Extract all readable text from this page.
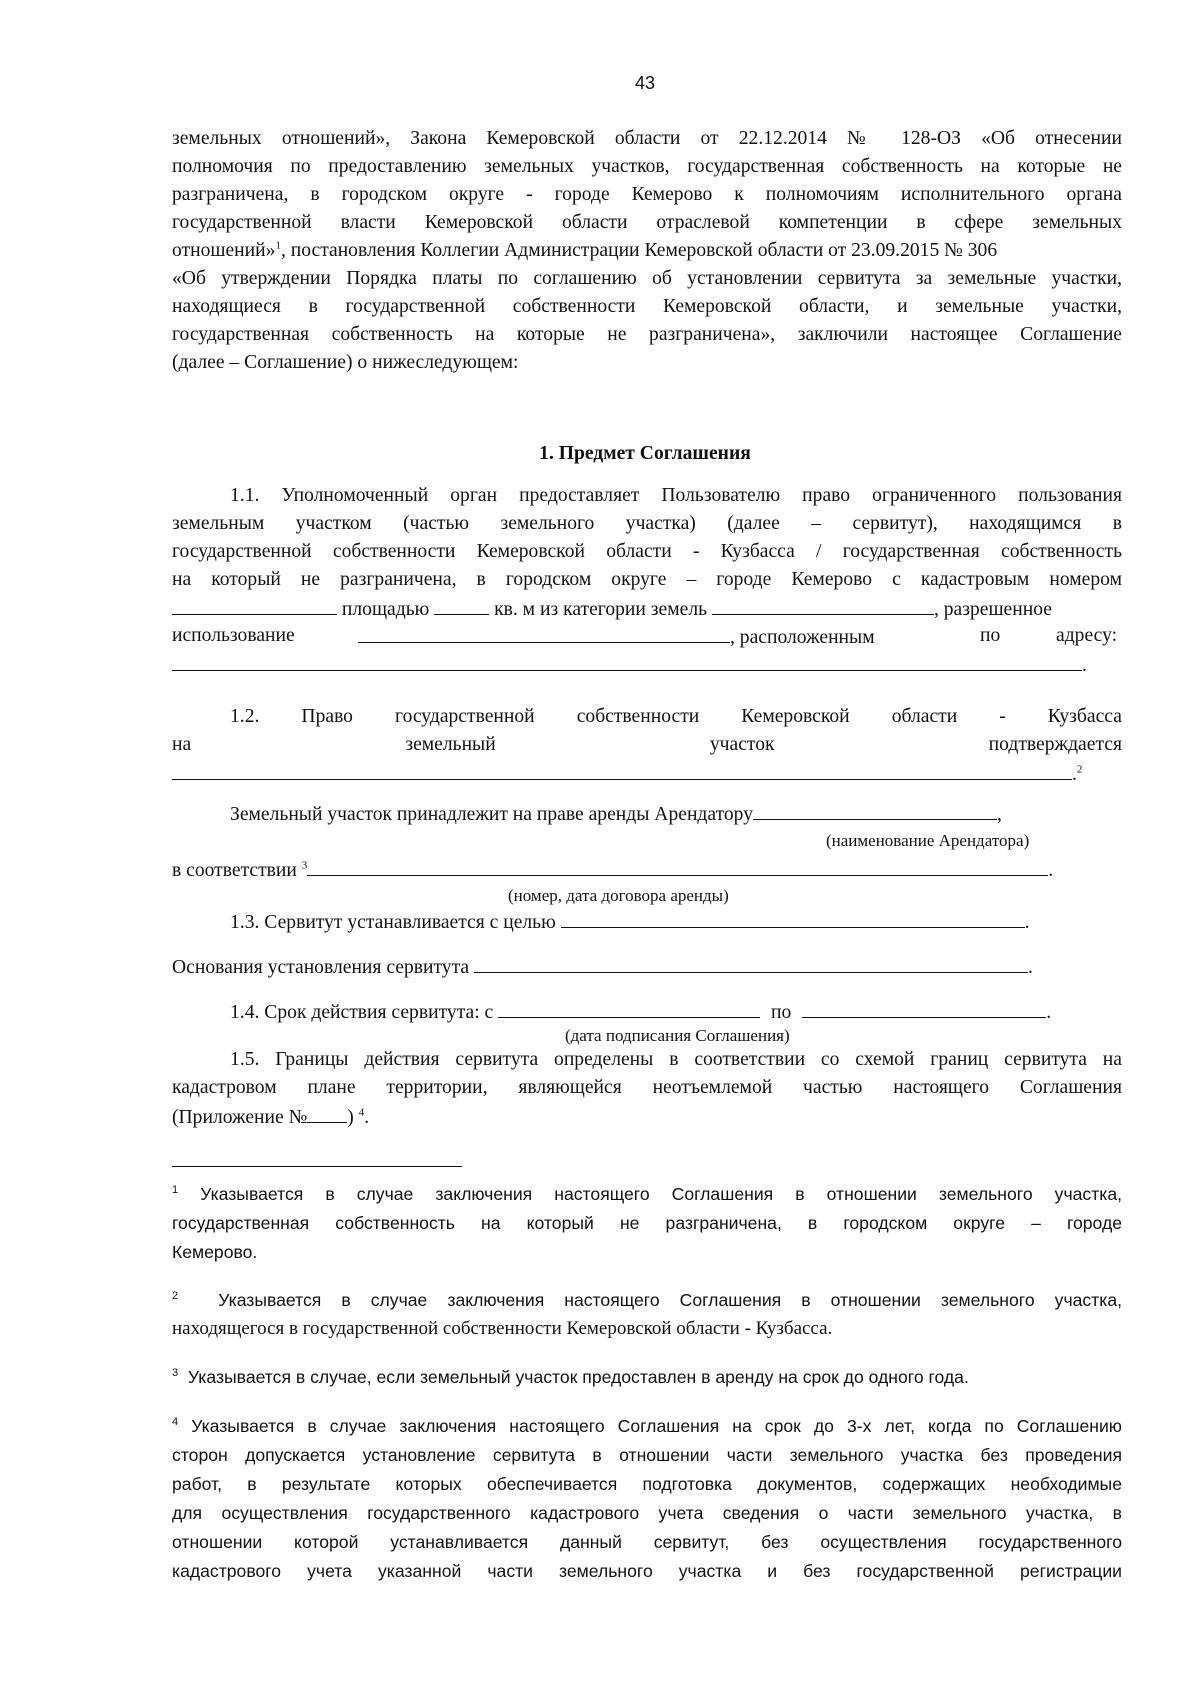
43
земельных отношений», Закона Кемеровской области от 22.12.2014 № 128-ОЗ «Об отнесении
полномочия по предоставлению земельных участков, государственная собственность на которые не
разграничена, в городском округе - городе Кемерово к полномочиям исполнительного органа
государственной власти Кемеровской области отраслевой компетенции в сфере земельных
отношений»$^1$, постановления Коллегии Администрации Кемеровской области от 23.09.2015 № 306
«Об утверждении Порядка платы по соглашению об установлении сервитута за земельные участки,
находящиеся в государственной собственности Кемеровской области, и земельные участки,
государственная собственность на которые не разграничена», заключили настоящее Соглашение
(далее – Соглашение) о нижеследующем:
1. Предмет Соглашения
1.1. Уполномоченный орган предоставляет Пользователю право ограниченного пользования
земельным участком (частью земельного участка) (далее – сервитут), находящимся в
государственной собственности Кемеровской области - Кузбасса / государственная собственность
на который не разграничена, в городском округе – городе Кемерово с кадастровым номером
площадью	кв. м из категории земель	, разрешенное
использование	, расположенным	по	адресу:
.
1.2. Право государственной собственности Кемеровской области - Кузбасса
на	земельный	участок	подтверждается
.$^2$
Земельный участок принадлежит на праве аренды Арендатору	,
(наименование Арендатора)
в соответствии $^3$	.
(номер, дата договора аренды)
1.3. Сервитут устанавливается с целью	.
Основания установления сервитута	.
1.4. Срок действия сервитута: с	по	.
(дата подписания Соглашения)
1.5. Границы действия сервитута определены в соответствии со схемой границ сервитута на
кадастровом плане территории, являющейся неотъемлемой частью настоящего Соглашения
(Приложение № ) $^4$.
$^1$ Указывается в случае заключения настоящего Соглашения в отношении земельного участка,
государственная собственность на который не разграничена, в городском округе – городе
Кемерово.
$^2$ Указывается в случае заключения настоящего Соглашения в отношении земельного участка,
находящегося в государственной собственности Кемеровской области - Кузбасса.
$^3$ Указывается в случае, если земельный участок предоставлен в аренду на срок до одного года.
$^4$ Указывается в случае заключения настоящего Соглашения на срок до 3-х лет, когда по Соглашению
сторон допускается установление сервитута в отношении части земельного участка без проведения
работ, в результате которых обеспечивается подготовка документов, содержащих необходимые
для осуществления государственного кадастрового учета сведения о части земельного участка, в
отношении которой устанавливается данный сервитут, без осуществления государственного
кадастрового учета указанной части земельного участка и без государственной регистрации
